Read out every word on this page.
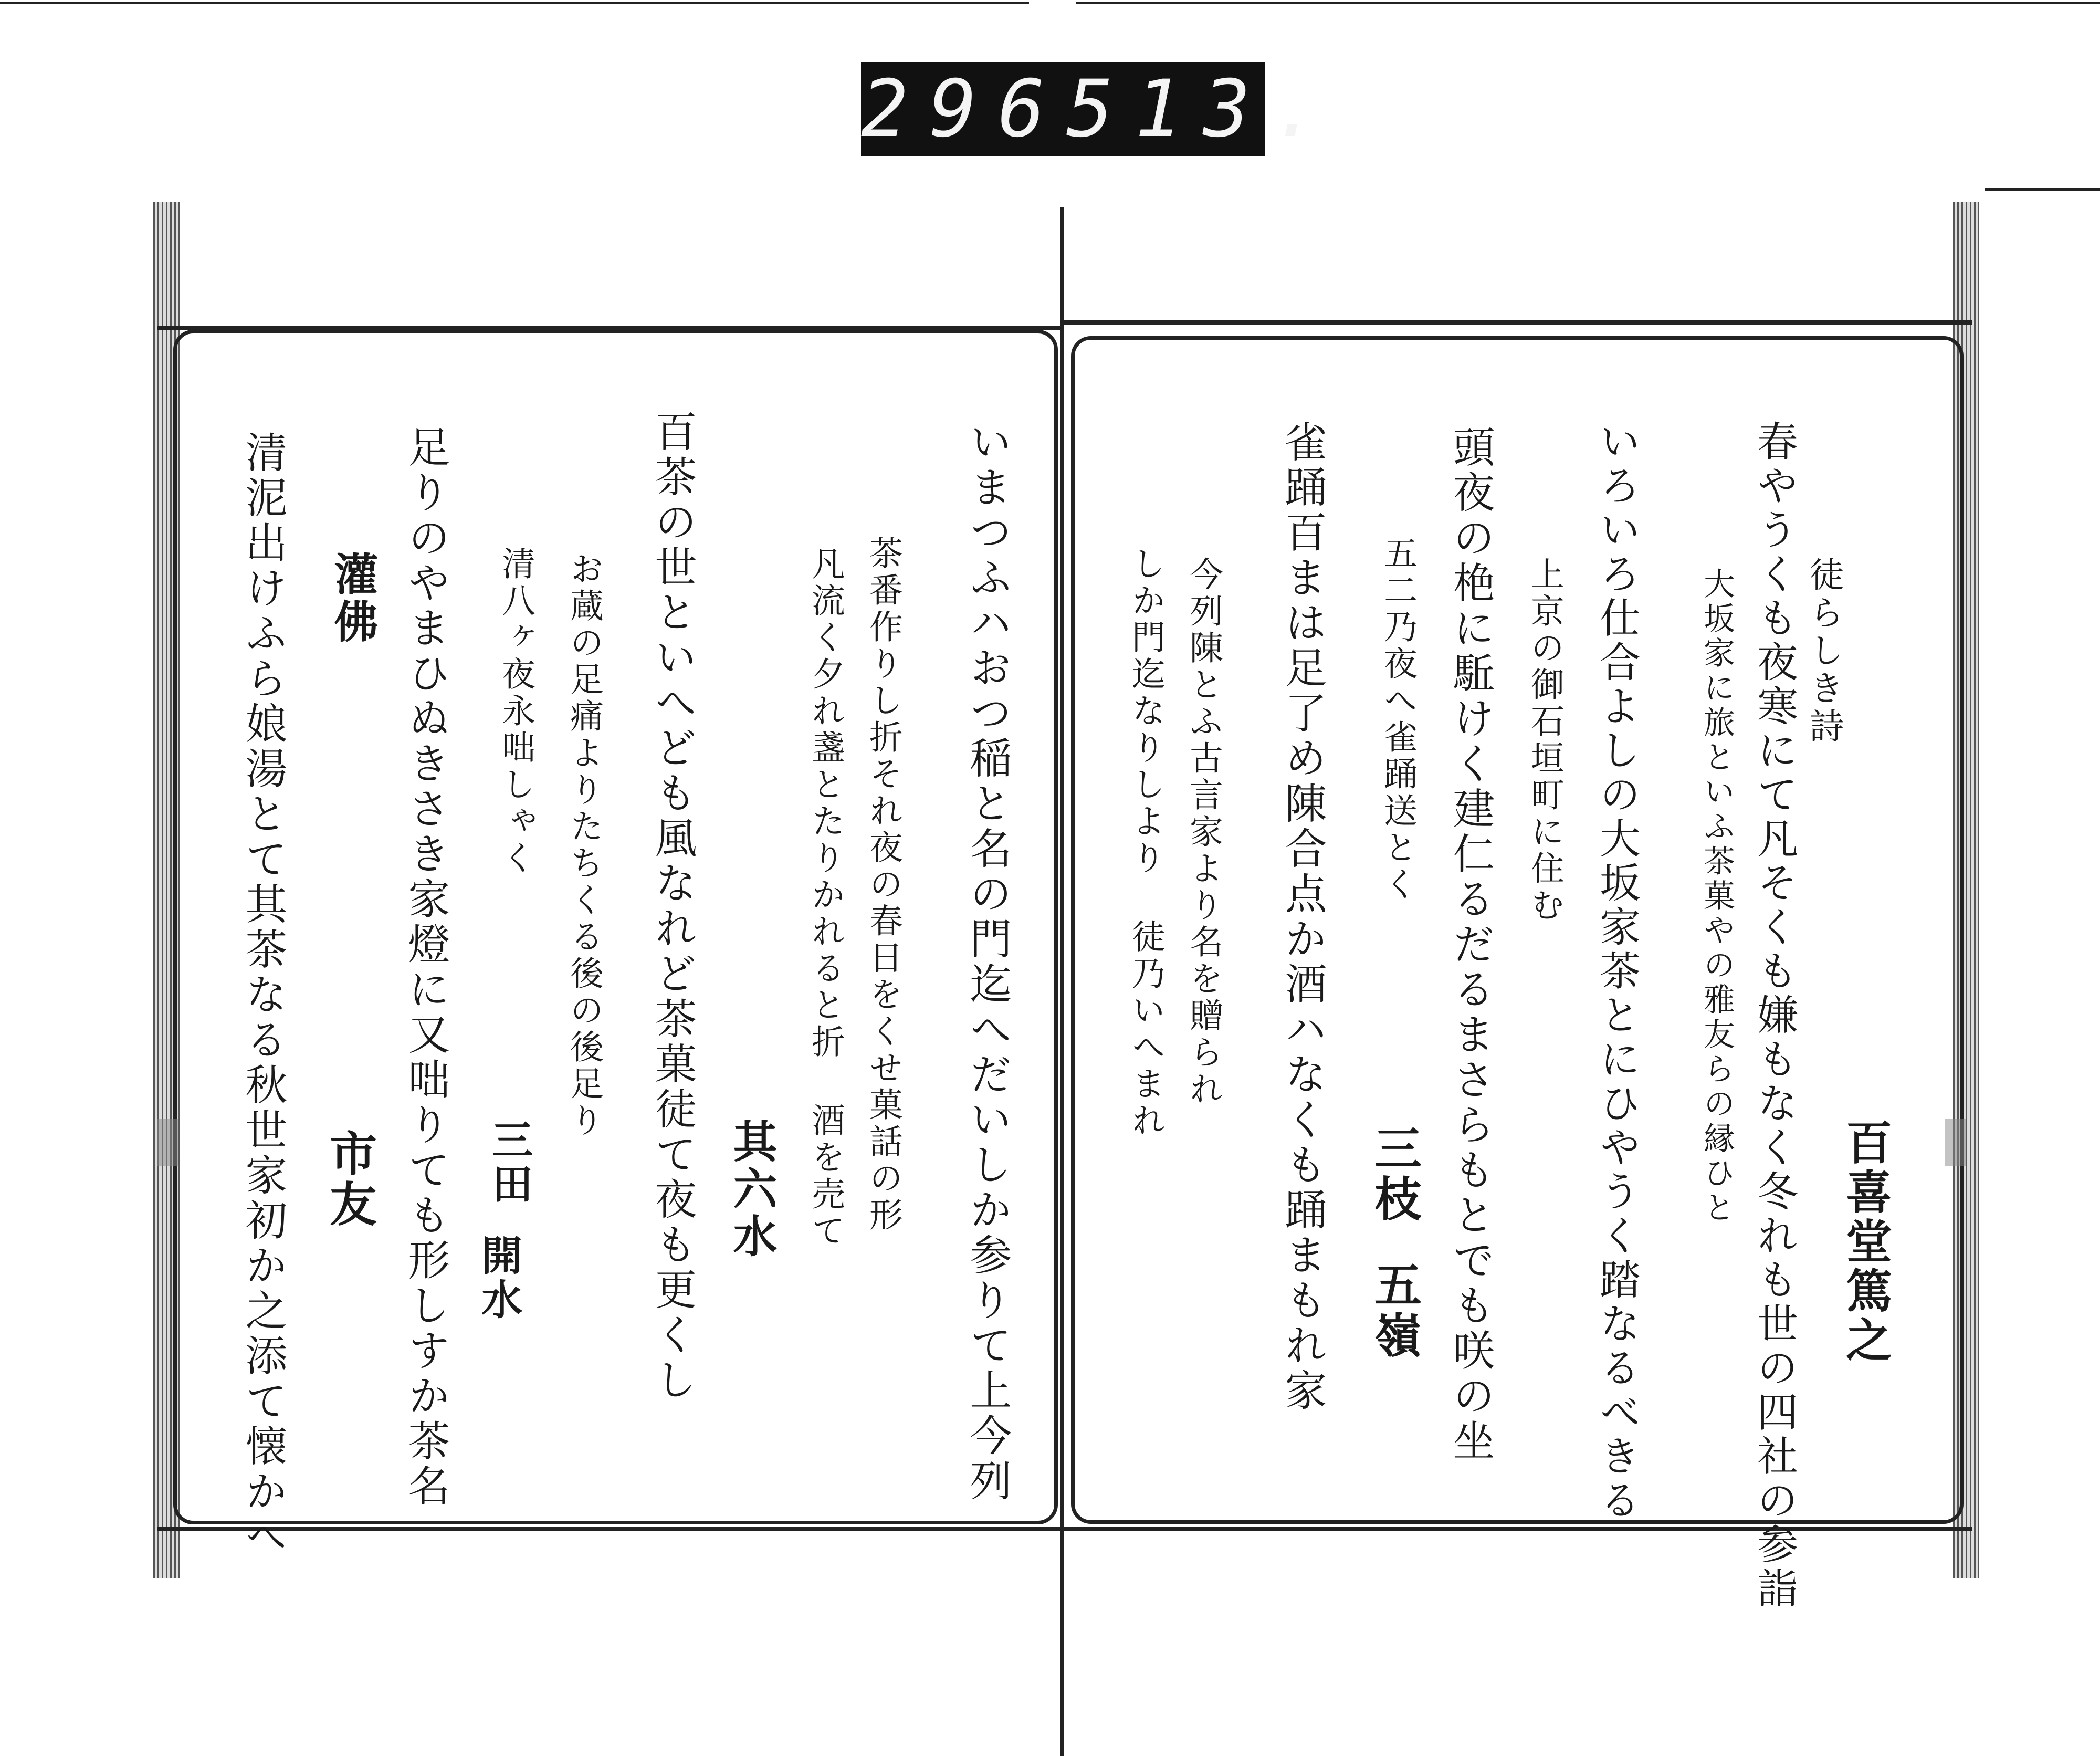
296 513.
徒らしき詩
百喜堂篤之
春やうくも夜寒にて凡そくも嫌もなく冬れも世の四社の参詣
大坂家に旅といふ茶菓やの雅友らの縁ひと
いろいろ仕合よしの大坂家茶とにひやうく踏なるべきる
上京の御石垣町に住む
頭夜の栬に駈けく建仁るだるまさらもとでも咲の坐
五二乃夜へ雀踊送とく
三枝
五嶺
雀踊百まは足了め陳合点か酒ハなくも踊まもれ家
今列陳とふ古言家より名を贈られ
しか門迄なりしより 徒乃いへまれ
いまつふハおつ稲と名の門迄へだいしか参りて上今列
茶番作りし折それ夜の春日をくせ菓話の形
凡流く夕れ盞とたりかれると折 酒を売て
其六水
百茶の世といへども風なれど茶菓徒て夜も更くし
お蔵の足痛よりたちくる後の後足り
清八ヶ夜永咄しゃく
三田
開水
足りのやまひぬきさき家燈に又咄りても形しすか茶名
灌佛
市友
清泥出けふら娘湯とて其茶なる秋世家初か之添て懐かへ
